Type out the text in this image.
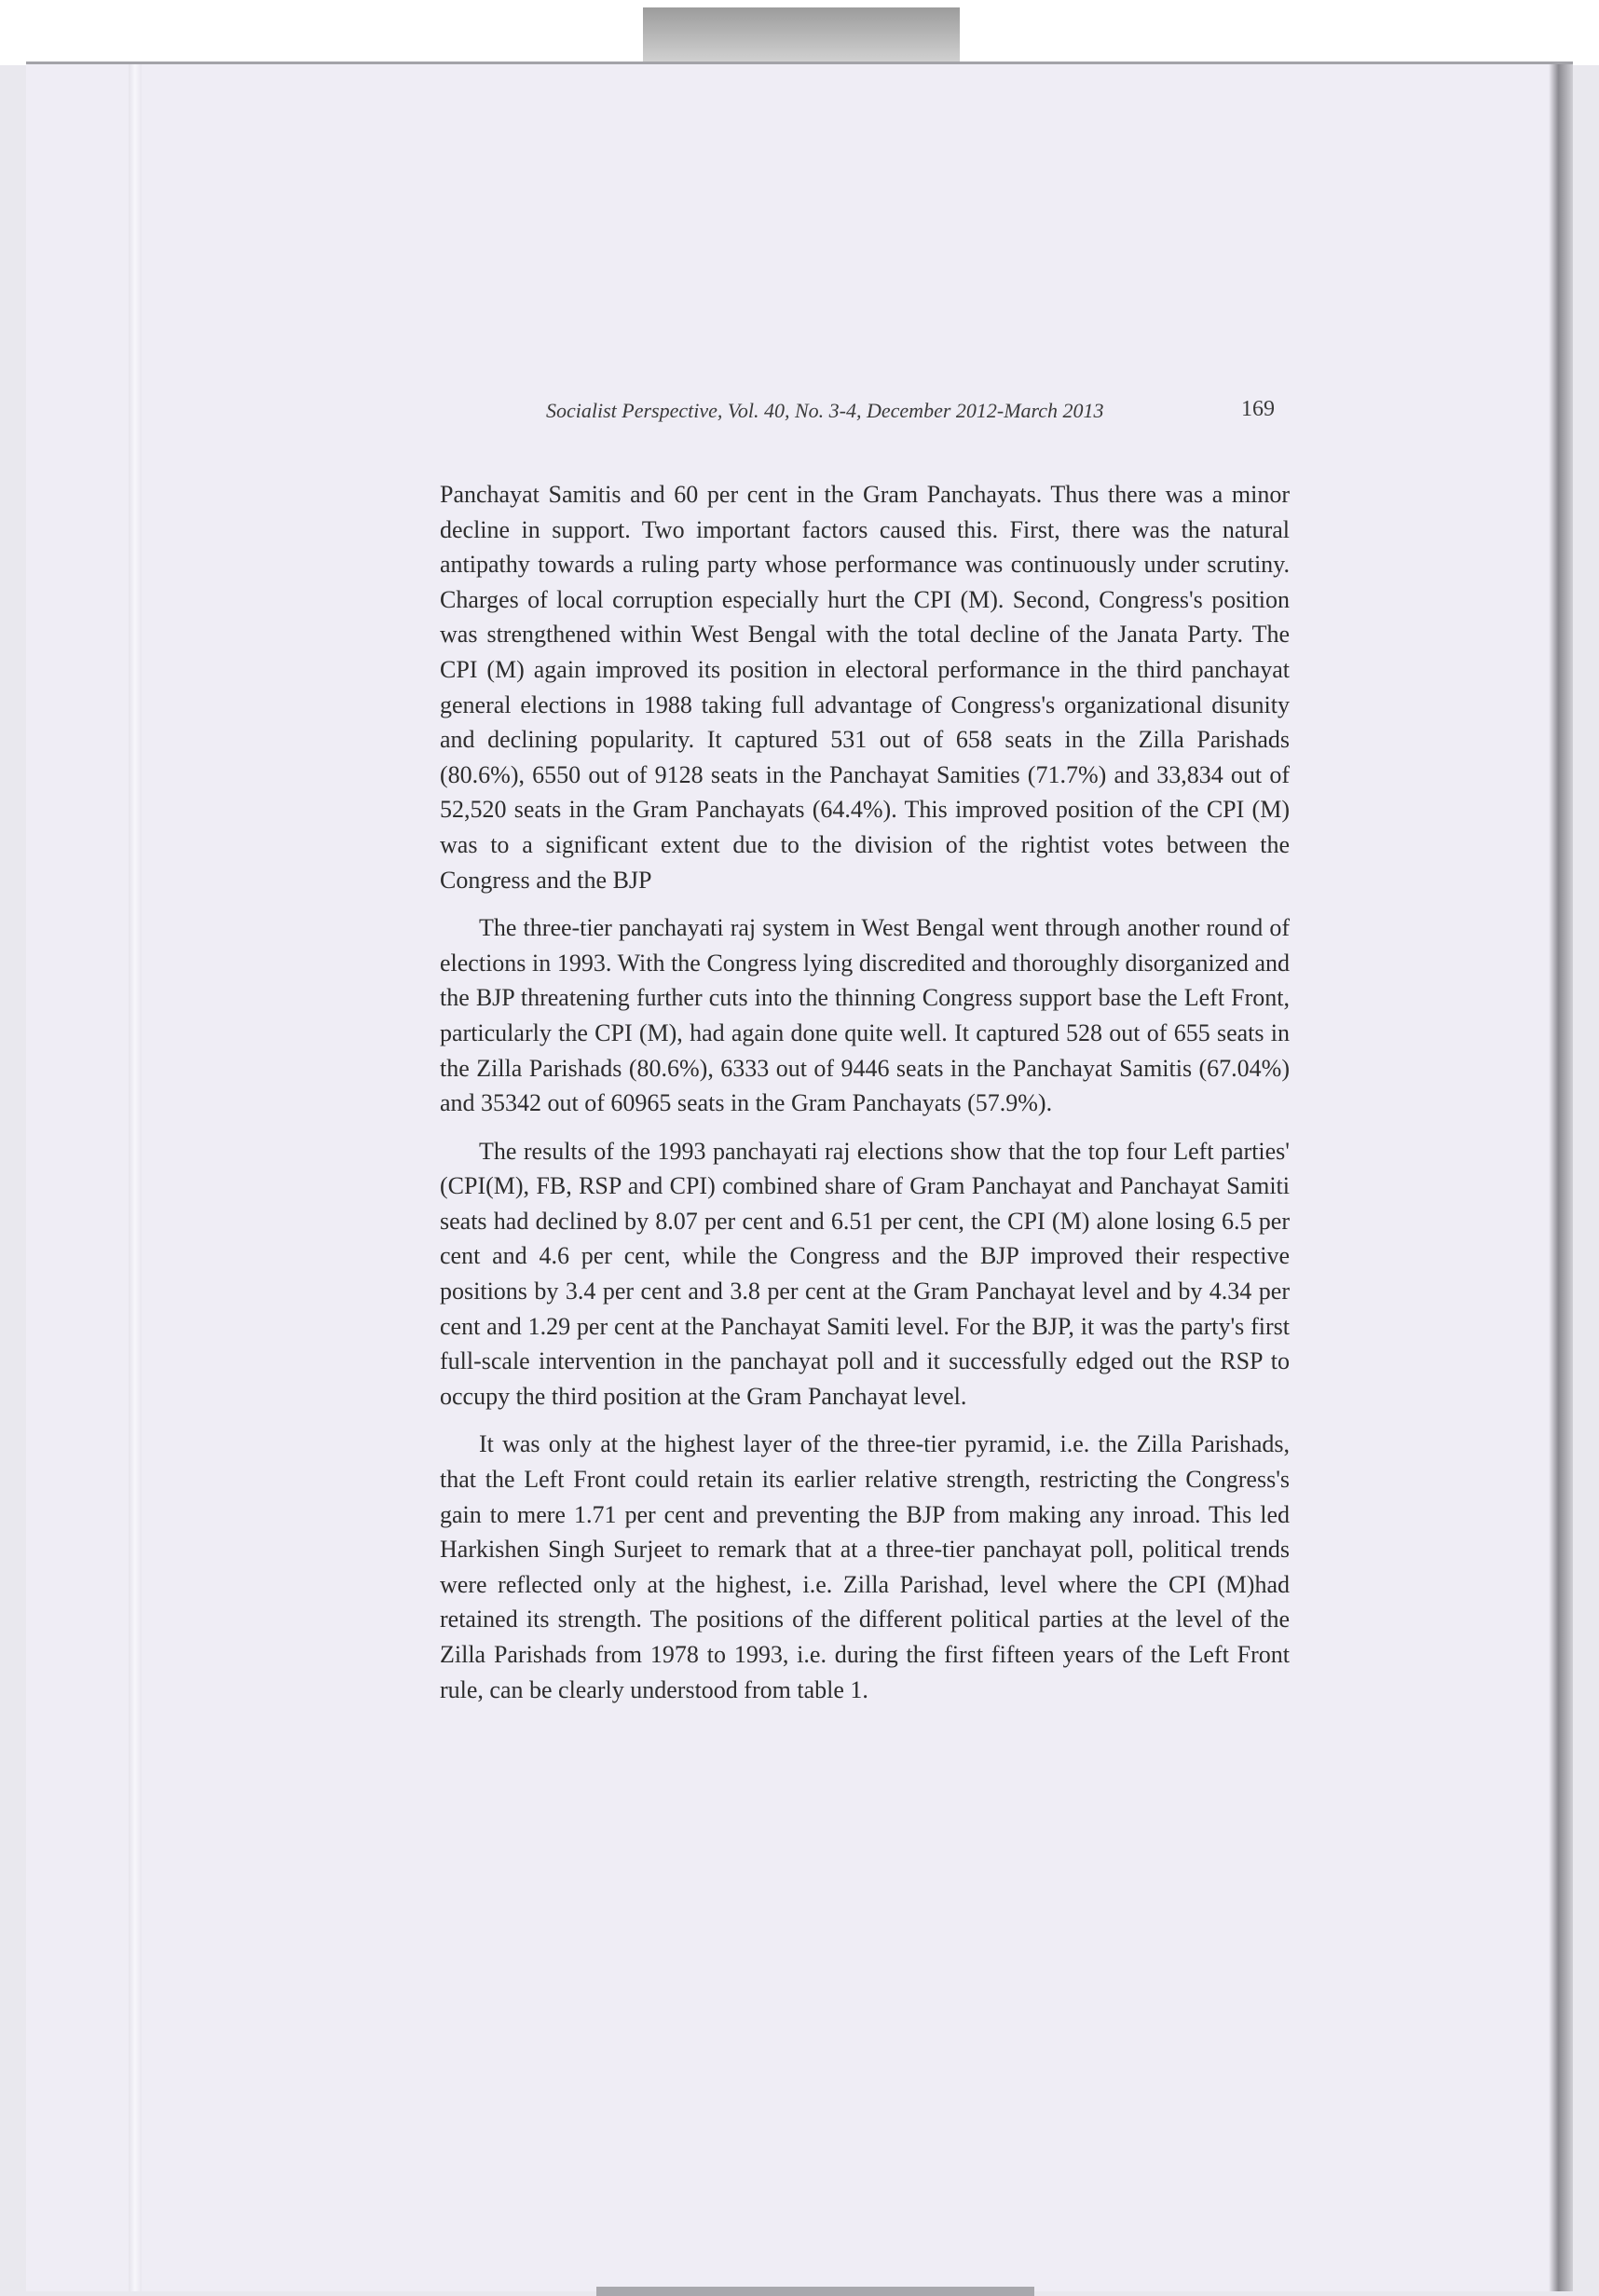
Socialist Perspective, Vol. 40, No. 3-4, December 2012-March 2013	169

Panchayat Samitis and 60 per cent in the Gram Panchayats. Thus there was a minor decline in support. Two important factors caused this. First, there was the natural antipathy towards a ruling party whose performance was continuously under scrutiny. Charges of local corruption especially hurt the CPI (M). Second, Congress's position was strengthened within West Bengal with the total decline of the Janata Party. The CPI (M) again improved its position in electoral performance in the third panchayat general elections in 1988 taking full advantage of Congress's organizational disunity and declining popularity. It captured 531 out of 658 seats in the Zilla Parishads (80.6%), 6550 out of 9128 seats in the Panchayat Samities (71.7%) and 33,834 out of 52,520 seats in the Gram Panchayats (64.4%). This improved position of the CPI (M) was to a significant extent due to the division of the rightist votes between the Congress and the BJP

The three-tier panchayati raj system in West Bengal went through another round of elections in 1993. With the Congress lying discredited and thoroughly disorganized and the BJP threatening further cuts into the thinning Congress support base the Left Front, particularly the CPI (M), had again done quite well. It captured 528 out of 655 seats in the Zilla Parishads (80.6%), 6333 out of 9446 seats in the Panchayat Samitis (67.04%) and 35342 out of 60965 seats in the Gram Panchayats (57.9%).

The results of the 1993 panchayati raj elections show that the top four Left parties' (CPI(M), FB, RSP and CPI) combined share of Gram Panchayat and Panchayat Samiti seats had declined by 8.07 per cent and 6.51 per cent, the CPI (M) alone losing 6.5 per cent and 4.6 per cent, while the Congress and the BJP improved their respective positions by 3.4 per cent and 3.8 per cent at the Gram Panchayat level and by 4.34 per cent and 1.29 per cent at the Panchayat Samiti level. For the BJP, it was the party's first full-scale intervention in the panchayat poll and it successfully edged out the RSP to occupy the third position at the Gram Panchayat level.

It was only at the highest layer of the three-tier pyramid, i.e. the Zilla Parishads, that the Left Front could retain its earlier relative strength, restricting the Congress's gain to mere 1.71 per cent and preventing the BJP from making any inroad. This led Harkishen Singh Surjeet to remark that at a three-tier panchayat poll, political trends were reflected only at the highest, i.e. Zilla Parishad, level where the CPI (M)had retained its strength. The positions of the different political parties at the level of the Zilla Parishads from 1978 to 1993, i.e. during the first fifteen years of the Left Front rule, can be clearly understood from table 1.
